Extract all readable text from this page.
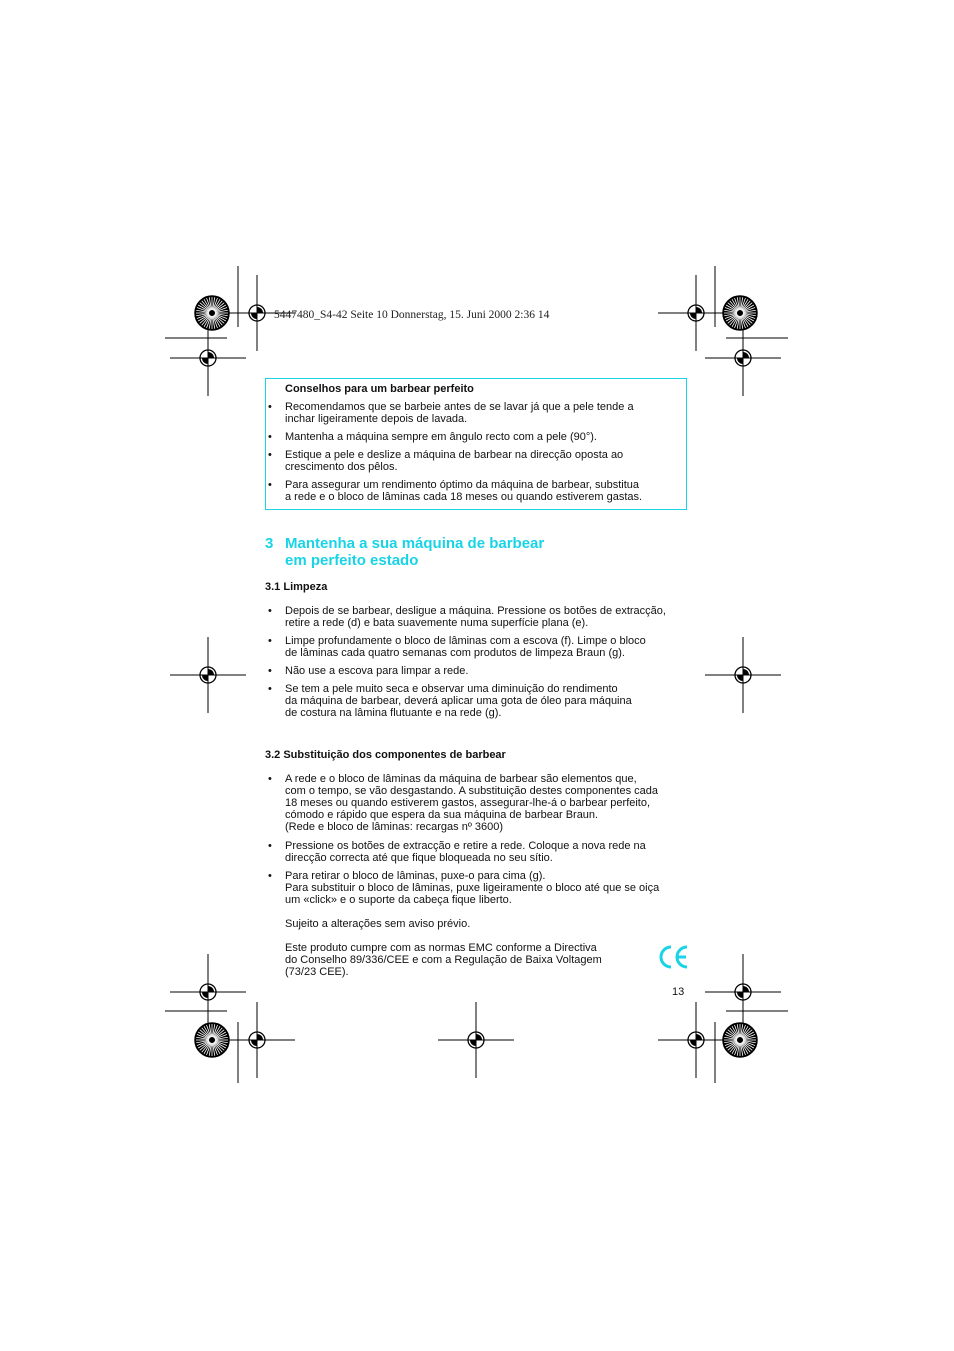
5447480_S4-42 Seite 10 Donnerstag, 15. Juni 2000 2:36 14
Conselhos para um barbear perfeito
• Recomendamos que se barbeie antes de se lavar já que a pele tende a
inchar ligeiramente depois de lavada.
• Mantenha a máquina sempre em ângulo recto com a pele (90°).
• Estique a pele e deslize a máquina de barbear na direcção oposta ao
crescimento dos pêlos.
• Para assegurar um rendimento óptimo da máquina de barbear, substitua
a rede e o bloco de lâminas cada 18 meses ou quando estiverem gastas.
3 Mantenha a sua máquina de barbear
em perfeito estado
3.1 Limpeza
• Depois de se barbear, desligue a máquina. Pressione os botões de extracção,
retire a rede (d) e bata suavemente numa superfície plana (e).
• Limpe profundamente o bloco de lâminas com a escova (f). Limpe o bloco
de lâminas cada quatro semanas com produtos de limpeza Braun (g).
• Não use a escova para limpar a rede.
• Se tem a pele muito seca e observar uma diminuição do rendimento
da máquina de barbear, deverá aplicar uma gota de óleo para máquina
de costura na lâmina flutuante e na rede (g).
3.2 Substituição dos componentes de barbear
• A rede e o bloco de lâminas da máquina de barbear são elementos que,
com o tempo, se vão desgastando. A substituição destes componentes cada
18 meses ou quando estiverem gastos, assegurar-lhe-á o barbear perfeito,
cómodo e rápido que espera da sua máquina de barbear Braun.
(Rede e bloco de lâminas: recargas nº 3600)
• Pressione os botões de extracção e retire a rede. Coloque a nova rede na
direcção correcta até que fique bloqueada no seu sítio.
• Para retirar o bloco de lâminas, puxe-o para cima (g).
Para substituir o bloco de lâminas, puxe ligeiramente o bloco até que se oiça
um «click» e o suporte da cabeça fique liberto.
Sujeito a alterações sem aviso prévio.
Este produto cumpre com as normas EMC conforme a Directiva
do Conselho 89/336/CEE e com a Regulação de Baixa Voltagem
(73/23 CEE).
13
